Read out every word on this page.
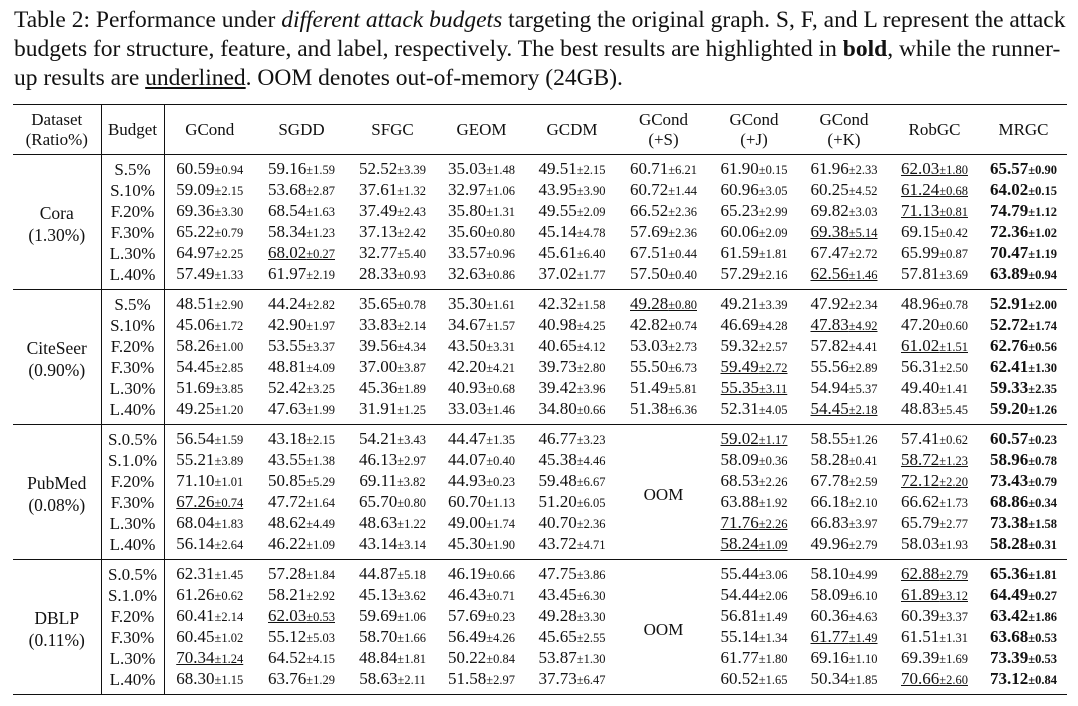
Table 2: Performance under different attack budgets targeting the original graph. S, F, and L represent the attack budgets for structure, feature, and label, respectively. The best results are highlighted in bold, while the runner-up results are underlined. OOM denotes out-of-memory (24GB).
Dataset
(Ratio%)	Budget	GCond	SGDD	SFGC	GEOM	GCDM	GCond
(+S)	GCond
(+J)	GCond
(+K)	RobGC	MRGC
Cora
(1.30%)	S.5%	60.59±0.94	59.16±1.59	52.52±3.39	35.03±1.48	49.51±2.15	60.71±6.21	61.90±0.15	61.96±2.33	62.03±1.80	65.57±0.90
	S.10%	59.09±2.15	53.68±2.87	37.61±1.32	32.97±1.06	43.95±3.90	60.72±1.44	60.96±3.05	60.25±4.52	61.24±0.68	64.02±0.15
	F.20%	69.36±3.30	68.54±1.63	37.49±2.43	35.80±1.31	49.55±2.09	66.52±2.36	65.23±2.99	69.82±3.03	71.13±0.81	74.79±1.12
	F.30%	65.22±0.79	58.34±1.23	37.13±2.42	35.60±0.80	45.14±4.78	57.69±2.36	60.06±2.09	69.38±5.14	69.15±0.42	72.36±1.02
	L.30%	64.97±2.25	68.02±0.27	32.77±5.40	33.57±0.96	45.61±6.40	67.51±0.44	61.59±1.81	67.47±2.72	65.99±0.87	70.47±1.19
	L.40%	57.49±1.33	61.97±2.19	28.33±0.93	32.63±0.86	37.02±1.77	57.50±0.40	57.29±2.16	62.56±1.46	57.81±3.69	63.89±0.94
CiteSeer
(0.90%)	S.5%	48.51±2.90	44.24±2.82	35.65±0.78	35.30±1.61	42.32±1.58	49.28±0.80	49.21±3.39	47.92±2.34	48.96±0.78	52.91±2.00
	S.10%	45.06±1.72	42.90±1.97	33.83±2.14	34.67±1.57	40.98±4.25	42.82±0.74	46.69±4.28	47.83±4.92	47.20±0.60	52.72±1.74
	F.20%	58.26±1.00	53.55±3.37	39.56±4.34	43.50±3.31	40.65±4.12	53.03±2.73	59.32±2.57	57.82±4.41	61.02±1.51	62.76±0.56
	F.30%	54.45±2.85	48.81±4.09	37.00±3.87	42.20±4.21	39.73±2.80	55.50±6.73	59.49±2.72	55.56±2.89	56.31±2.50	62.41±1.30
	L.30%	51.69±3.85	52.42±3.25	45.36±1.89	40.93±0.68	39.42±3.96	51.49±5.81	55.35±3.11	54.94±5.37	49.40±1.41	59.33±2.35
	L.40%	49.25±1.20	47.63±1.99	31.91±1.25	33.03±1.46	34.80±0.66	51.38±6.36	52.31±4.05	54.45±2.18	48.83±5.45	59.20±1.26
PubMed
(0.08%)	S.0.5%	56.54±1.59	43.18±2.15	54.21±3.43	44.47±1.35	46.77±3.23	OOM	59.02±1.17	58.55±1.26	57.41±0.62	60.57±0.23
	S.1.0%	55.21±3.89	43.55±1.38	46.13±2.97	44.07±0.40	45.38±4.46		58.09±0.36	58.28±0.41	58.72±1.23	58.96±0.78
	F.20%	71.10±1.01	50.85±5.29	69.11±3.82	44.93±0.23	59.48±6.67		68.53±2.26	67.78±2.59	72.12±2.20	73.43±0.79
	F.30%	67.26±0.74	47.72±1.64	65.70±0.80	60.70±1.13	51.20±6.05		63.88±1.92	66.18±2.10	66.62±1.73	68.86±0.34
	L.30%	68.04±1.83	48.62±4.49	48.63±1.22	49.00±1.74	40.70±2.36		71.76±2.26	66.83±3.97	65.79±2.77	73.38±1.58
	L.40%	56.14±2.64	46.22±1.09	43.14±3.14	45.30±1.90	43.72±4.71		58.24±1.09	49.96±2.79	58.03±1.93	58.28±0.31
DBLP
(0.11%)	S.0.5%	62.31±1.45	57.28±1.84	44.87±5.18	46.19±0.66	47.75±3.86	OOM	55.44±3.06	58.10±4.99	62.88±2.79	65.36±1.81
	S.1.0%	61.26±0.62	58.21±2.92	45.13±3.62	46.43±0.71	43.45±6.30		54.44±2.06	58.09±6.10	61.89±3.12	64.49±0.27
	F.20%	60.41±2.14	62.03±0.53	59.69±1.06	57.69±0.23	49.28±3.30		56.81±1.49	60.36±4.63	60.39±3.37	63.42±1.86
	F.30%	60.45±1.02	55.12±5.03	58.70±1.66	56.49±4.26	45.65±2.55		55.14±1.34	61.77±1.49	61.51±1.31	63.68±0.53
	L.30%	70.34±1.24	64.52±4.15	48.84±1.81	50.22±0.84	53.87±1.30		61.77±1.80	69.16±1.10	69.39±1.69	73.39±0.53
	L.40%	68.30±1.15	63.76±1.29	58.63±2.11	51.58±2.97	37.73±6.47		60.52±1.65	50.34±1.85	70.66±2.60	73.12±0.84
